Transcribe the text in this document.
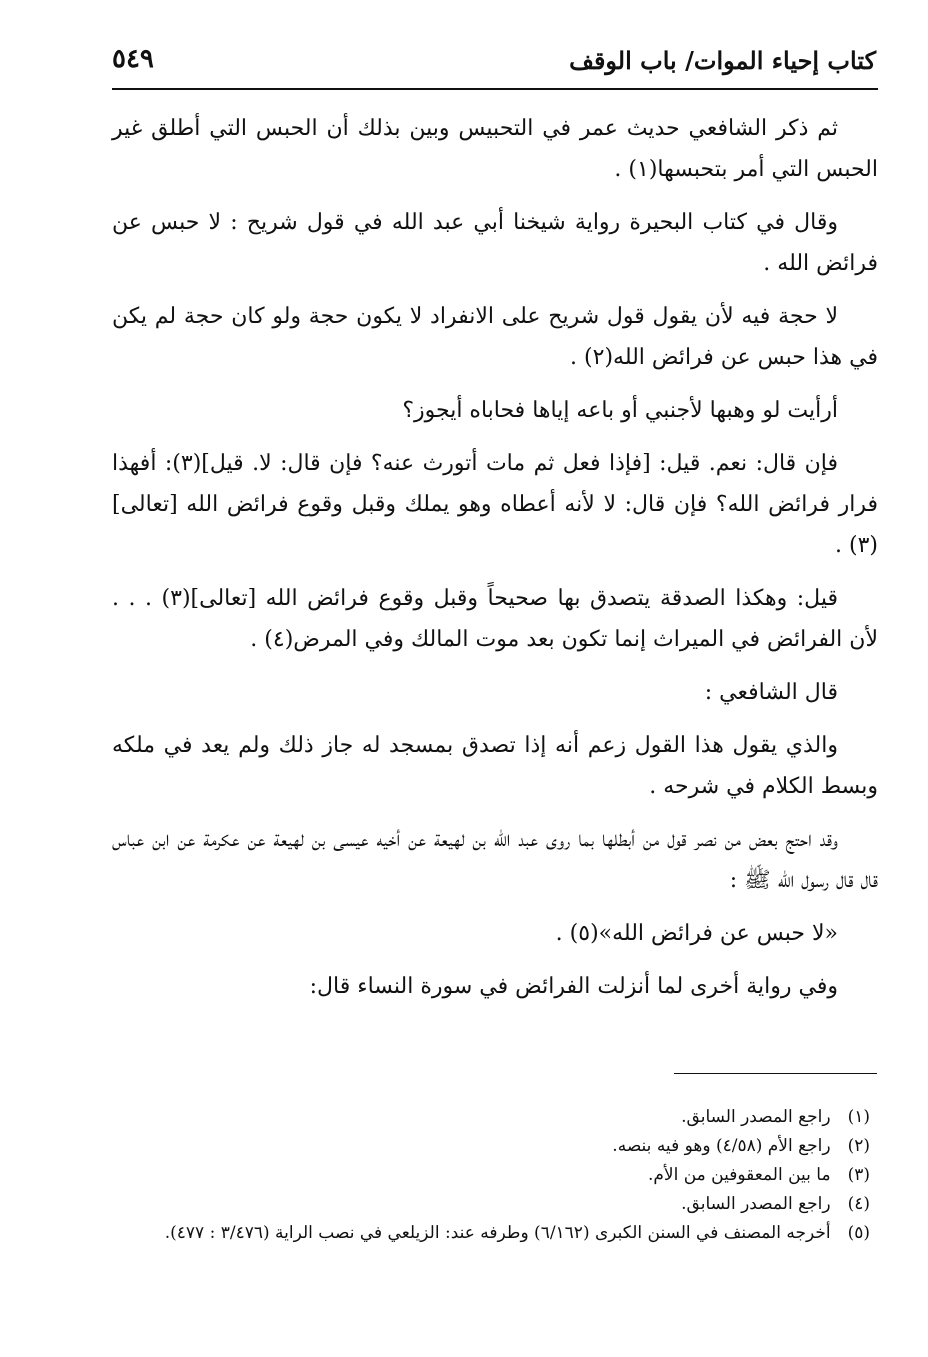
٥٤٩	كتاب إحياء الموات/ باب الوقف

ثم ذكر الشافعي حديث عمر في التحبيس وبين بذلك أن الحبس التي أطلق غير الحبس التي أمر بتحبسها(١) .

وقال في كتاب البحيرة رواية شيخنا أبي عبد الله في قول شريح : لا حبس عن فرائض الله .

لا حجة فيه لأن يقول قول شريح على الانفراد لا يكون حجة ولو كان حجة لم يكن في هذا حبس عن فرائض الله(٢) .

أرأيت لو وهبها لأجنبي أو باعه إياها فحاباه أيجوز؟

فإن قال: نعم. قيل: [فإذا فعل ثم مات أتورث عنه؟ فإن قال: لا. قيل](٣): أفهذا فرار فرائض الله؟ فإن قال: لا لأنه أعطاه وهو يملك وقبل وقوع فرائض الله [تعالى](٣) .

قيل: وهكذا الصدقة يتصدق بها صحيحاً وقبل وقوع فرائض الله [تعالى](٣) . . . لأن الفرائض في الميراث إنما تكون بعد موت المالك وفي المرض(٤) .

قال الشافعي :

والذي يقول هذا القول زعم أنه إذا تصدق بمسجد له جاز ذلك ولم يعد في ملكه وبسط الكلام في شرحه .

وقد احتج بعض من نصر قول من أبطلها بما روى عبد الله بن لهيعة عن أخيه عيسى بن لهيعة عن عكرمة عن ابن عباس قال قال رسول الله ﷺ :

«لا حبس عن فرائض الله»(٥) .

وفي رواية أخرى لما أنزلت الفرائض في سورة النساء قال:

(١) راجع المصدر السابق.

(٢) راجع الأم (٤/٥٨) وهو فيه بنصه.

(٣) ما بين المعقوفين من الأم.

(٤) راجع المصدر السابق.

(٥) أخرجه المصنف في السنن الكبرى (٦/١٦٢) وطرفه عند: الزيلعي في نصب الراية (٣/٤٧٦ : ٤٧٧).
